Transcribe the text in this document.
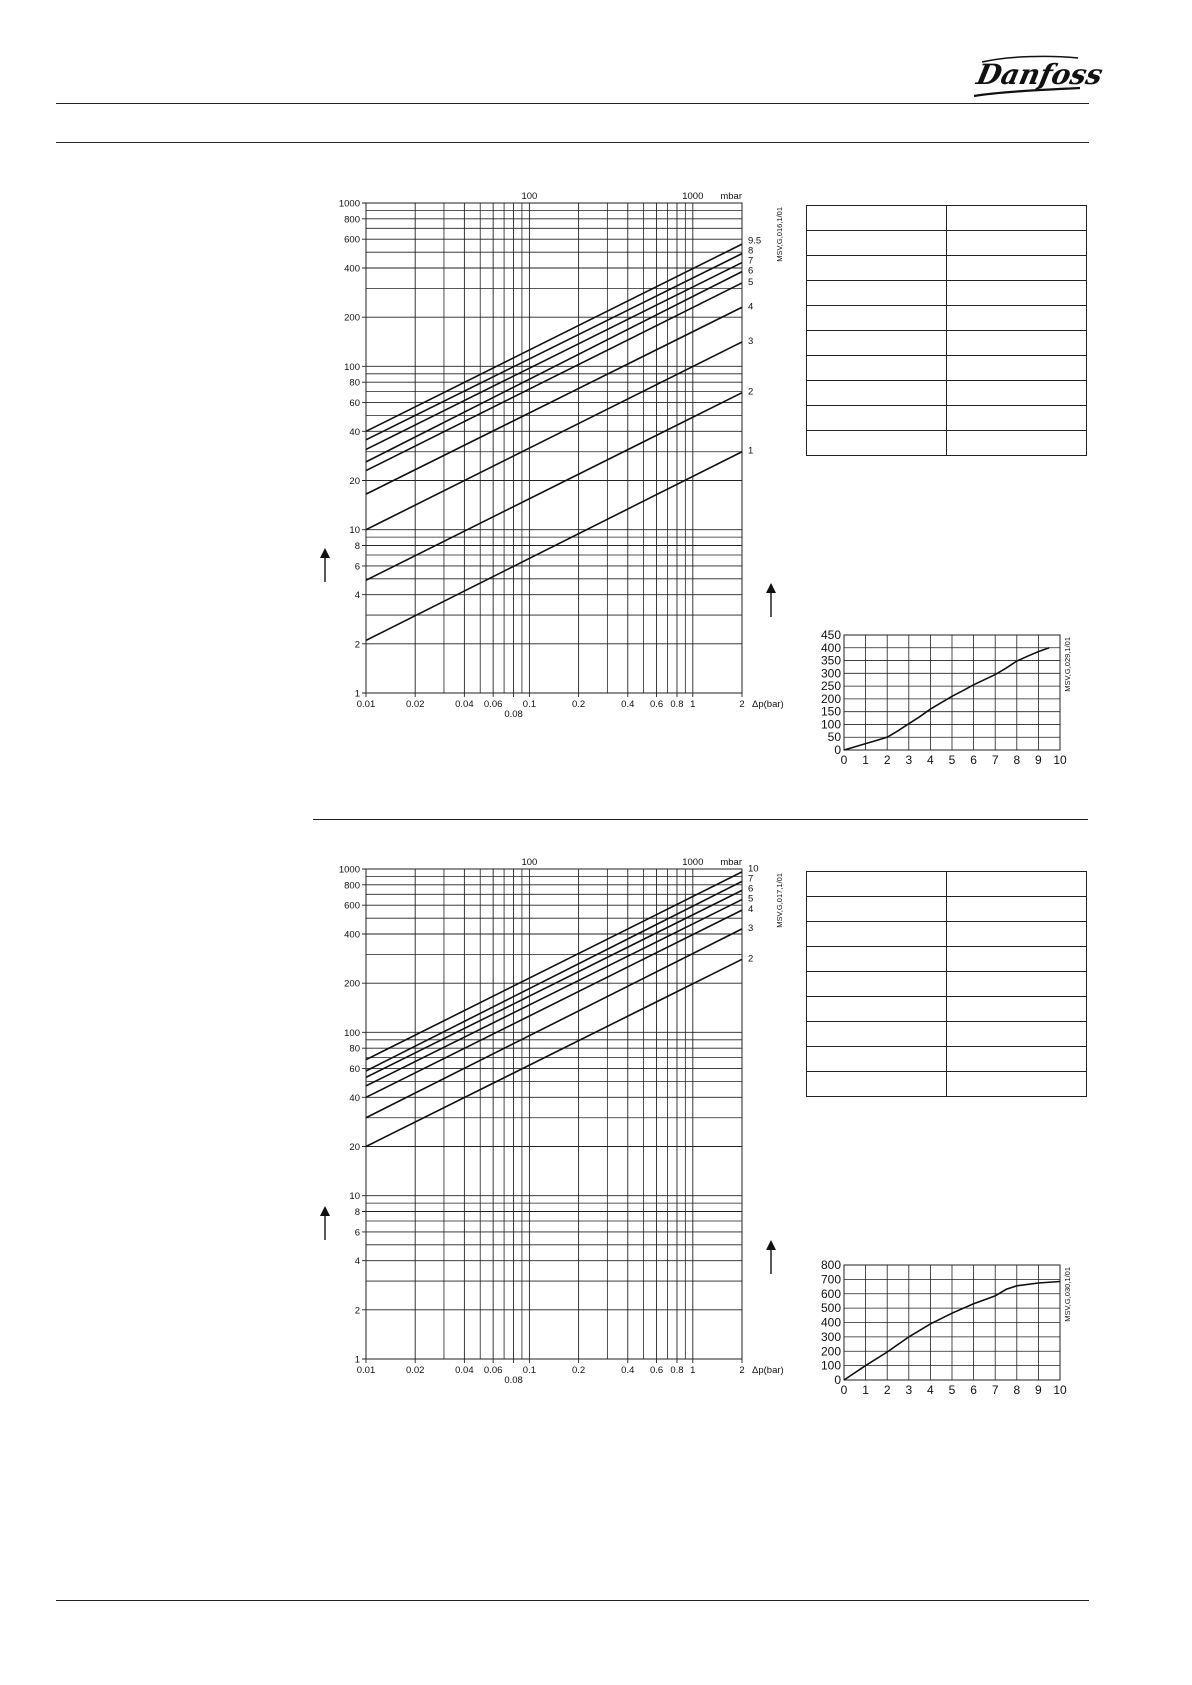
Danfoss
1
2
4
6
8
10
20
40
60
80
100
200
400
600
800
1000
0.01	0.02	0.04 0.06
0.08
0.1	0.2	0.4 0.6 0.8 1	2
100	1000 mbar
Δp(bar)
MSV,G,016,1/01
1
2
3
4
5
6
7
8
9.5

0
50
100
150
200
250
300
350
400
450
0 1 2 3 4 5 6 7 8 9 10
MSV,G,029,1/01
1
2
4
6
8
10
20
40
60
80
100
200
400
600
800
1000
0.01	0.02	0.04 0.06
0.08
0.1	0.2	0.4 0.6 0.8 1	2
100	1000 mbar
Δp(bar)
MSV,G,017,1/01
2
3
4
5
6
7
10

0
100
200
300
400
500
600
700
800
0 1 2 3 4 5 6 7 8 9 10
MSV,G,030,1/01
